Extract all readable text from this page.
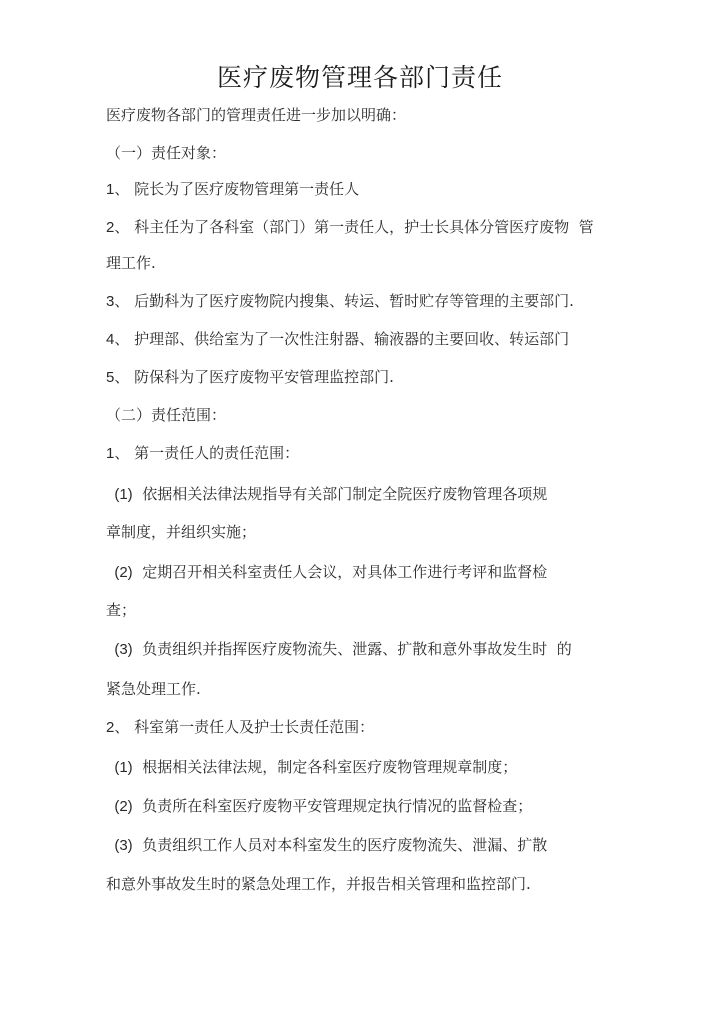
医疗废物管理各部门责任
医疗废物各部门的管理责任进一步加以明确：
（一）责任对象：
1、 院长为了医疗废物管理第一责任人
2、 科主任为了各科室（部门）第一责任人，护士长具体分管医疗废物  管
理工作.
3、 后勤科为了医疗废物院内搜集、转运、暂时贮存等管理的主要部门.
4、 护理部、供给室为了一次性注射器、输液器的主要回收、转运部门
5、 防保科为了医疗废物平安管理监控部门.
（二）责任范围：
1、 第一责任人的责任范围：
(1)  依据相关法律法规指导有关部门制定全院医疗废物管理各项规
章制度，并组织实施；
(2)  定期召开相关科室责任人会议，对具体工作进行考评和监督检
查；
(3)  负责组织并指挥医疗废物流失、泄露、扩散和意外事故发生时  的
紧急处理工作.
2、 科室第一责任人及护士长责任范围：
(1)  根据相关法律法规，制定各科室医疗废物管理规章制度；
(2)  负责所在科室医疗废物平安管理规定执行情况的监督检查；
(3)  负责组织工作人员对本科室发生的医疗废物流失、泄漏、扩散
和意外事故发生时的紧急处理工作，并报告相关管理和监控部门.
